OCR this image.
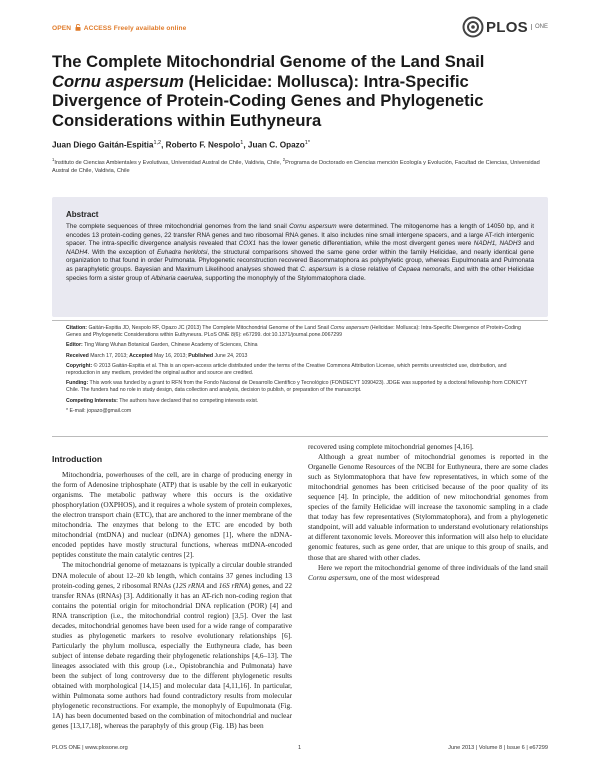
OPEN ACCESS Freely available online	PLOS	ONE
The Complete Mitochondrial Genome of the Land Snail
Cornu aspersum (Helicidae: Mollusca): Intra-Specific
Divergence of Protein-Coding Genes and Phylogenetic
Considerations within Euthyneura
Juan Diego Gaitán-Espitia$^{1,2}$, Roberto F. Nespolo$^1$, Juan C. Opazo$^{1*}$
$^1$Instituto de Ciencias Ambientales y Evolutivas, Universidad Austral de Chile, Valdivia, Chile, $^2$Programa de Doctorado en Ciencias mención Ecología y Evolución, Facultad de Ciencias, Universidad Austral de Chile, Valdivia, Chile
Abstract
The complete sequences of three mitochondrial genomes from the land snail Cornu aspersum were determined. The mitogenome has a length of 14050 bp, and it encodes 13 protein-coding genes, 22 transfer RNA genes and two ribosomal RNA genes. It also includes nine small intergene spacers, and a large AT-rich intergenic spacer. The intra-specific divergence analysis revealed that COX1 has the lower genetic differentiation, while the most divergent genes were NADH1, NADH3 and NADH4. With the exception of Euhadra herklotsi, the structural comparisons showed the same gene order within the family Helicidae, and nearly identical gene organization to that found in order Pulmonata. Phylogenetic reconstruction recovered Basommatophora as polyphyletic group, whereas Eupulmonata and Pulmonata as paraphyletic groups. Bayesian and Maximum Likelihood analyses showed that C. aspersum is a close relative of Cepaea nemoralis, and with the other Helicidae species form a sister group of Albinaria caerulea, supporting the monophyly of the Stylommatophora clade.

Citation: Gaitán-Espitia JD, Nespolo RF, Opazo JC (2013) The Complete Mitochondrial Genome of the Land Snail Cornu aspersum (Helicidae: Mollusca): Intra-Specific Divergence of Protein-Coding Genes and Phylogenetic Considerations within Euthyneura. PLoS ONE 8(6): e67299. doi:10.1371/journal.pone.0067299

Editor: Ting Wang Wuhan Botanical Garden, Chinese Academy of Sciences, China

Received March 17, 2013; Accepted May 16, 2013; Published June 24, 2013

Copyright: © 2013 Gaitán-Espitia et al. This is an open-access article distributed under the terms of the Creative Commons Attribution License, which permits unrestricted use, distribution, and reproduction in any medium, provided the original author and source are credited.

Funding: This work was funded by a grant to RFN from the Fondo Nacional de Desarrollo Científico y Tecnológico (FONDECYT 1090423). JDGE was supported by a doctoral fellowship from CONICYT Chile. The funders had no role in study design, data collection and analysis, decision to publish, or preparation of the manuscript.

Competing Interests: The authors have declared that no competing interests exist.

* E-mail: jopazo@gmail.com

Introduction

Mitochondria, powerhouses of the cell, are in charge of producing energy in the form of Adenosine triphosphate (ATP) that is usable by the cell in eukaryotic organisms. The metabolic pathway where this occurs is the oxidative phosphorylation (OXPHOS), and it requires a whole system of protein complexes, the electron transport chain (ETC), that are anchored to the inner membrane of the mitochondria. The enzymes that belong to the ETC are encoded by both mitochondrial (mtDNA) and nuclear (nDNA) genomes [1], where the nDNA-encoded peptides have mostly structural functions, whereas mtDNA-encoded peptides constitute the main catalytic centres [2].

The mitochondrial genome of metazoans is typically a circular double stranded DNA molecule of about 12–20 kb length, which contains 37 genes including 13 protein-coding genes, 2 ribosomal RNAs (12S rRNA and 16S rRNA) genes, and 22 transfer RNAs (tRNAs) [3]. Additionally it has an AT-rich non-coding region that contains the potential origin for mitochondrial DNA replication (POR) [4] and RNA transcription (i.e., the mitochondrial control region) [3,5]. Over the last decades, mitochondrial genomes have been used for a wide range of comparative studies as phylogenetic markers to resolve evolutionary relationships [6]. Particularly the phylum mollusca, especially the Euthyneura clade, has been subject of intense debate regarding their phylogenetic relationships [4,6–13]. The lineages associated with this group (i.e., Opistobranchia and Pulmonata) have been the subject of long controversy due to the different phylogenetic results obtained with morphological [14,15] and molecular data [4,11,16]. In particular, within Pulmonata some authors had found contradictory results from molecular phylogenetic reconstructions. For example, the monophyly of Eupulmonata (Fig. 1A) has been documented based on the combination of mitochondrial and nuclear genes [13,17,18], whereas the paraphyly of this group (Fig. 1B) has been

recovered using complete mitochondrial genomes [4,16].

Although a great number of mitochondrial genomes is reported in the Organelle Genome Resources of the NCBI for Euthyneura, there are some clades such as Stylommatophora that have few representatives, in which some of the mitochondrial genomes has been criticised because of the poor quality of its sequence [4]. In principle, the addition of new mitochondrial genomes from species of the family Helicidae will increase the taxonomic sampling in a clade that today has few representatives (Stylommatophora), and from a phylogenetic standpoint, will add valuable information to understand evolutionary relationships at different taxonomic levels. Moreover this information will also help to elucidate genomic features, such as gene order, that are unique to this group of snails, and those that are shared with other clades.

Here we report the mitochondrial genome of three individuals of the land snail Cornu aspersum, one of the most widespread

PLOS ONE | www.plosone.org	1	June 2013 | Volume 8 | Issue 6 | e67299
